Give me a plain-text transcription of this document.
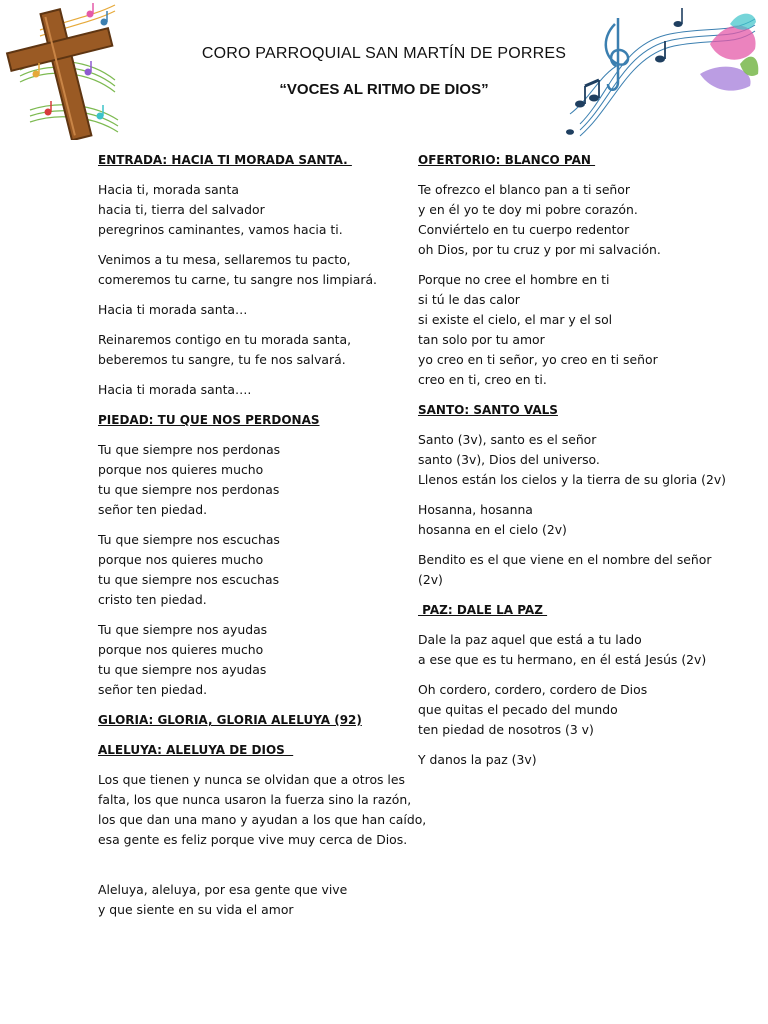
CORO PARROQUIAL SAN MARTÍN DE PORRES
“VOCES AL RITMO DE DIOS”
ENTRADA: HACIA TI MORADA SANTA.
Hacia ti, morada santa
hacia ti, tierra del salvador
peregrinos caminantes, vamos hacia ti.
Venimos a tu mesa, sellaremos tu pacto,
comeremos tu carne, tu sangre nos limpiará.
Hacia ti morada santa…
Reinaremos contigo en tu morada santa,
beberemos tu sangre, tu fe nos salvará.
Hacia ti morada santa….
PIEDAD: TU QUE NOS PERDONAS
Tu que siempre nos perdonas
porque nos quieres mucho
tu que siempre nos perdonas
señor ten piedad.
Tu que siempre nos escuchas
porque nos quieres mucho
tu que siempre nos escuchas
cristo ten piedad.
Tu que siempre nos ayudas
porque nos quieres mucho
tu que siempre nos ayudas
señor ten piedad.
GLORIA: GLORIA, GLORIA ALELUYA (92)
ALELUYA: ALELUYA DE DIOS
Los que tienen y nunca se olvidan que a otros les
falta, los que nunca usaron la fuerza sino la razón,
los que dan una mano y ayudan a los que han caído,
esa gente es feliz porque vive muy cerca de Dios.
Aleluya, aleluya, por esa gente que vive
y que siente en su vida el amor
OFERTORIO: BLANCO PAN
Te ofrezco el blanco pan a ti señor
y en él yo te doy mi pobre corazón.
Conviértelo en tu cuerpo redentor
oh Dios, por tu cruz y por mi salvación.
Porque no cree el hombre en ti
si tú le das calor
si existe el cielo, el mar y el sol
tan solo por tu amor
yo creo en ti señor, yo creo en ti señor
creo en ti, creo en ti.
SANTO: SANTO VALS
Santo (3v), santo es el señor
santo (3v), Dios del universo.
Llenos están los cielos y la tierra de su gloria (2v)
Hosanna, hosanna
hosanna en el cielo (2v)
Bendito es el que viene en el nombre del señor
(2v)
PAZ: DALE LA PAZ
Dale la paz aquel que está a tu lado
a ese que es tu hermano, en él está Jesús (2v)
Oh cordero, cordero, cordero de Dios
que quitas el pecado del mundo
ten piedad de nosotros (3 v)
Y danos la paz (3v)
